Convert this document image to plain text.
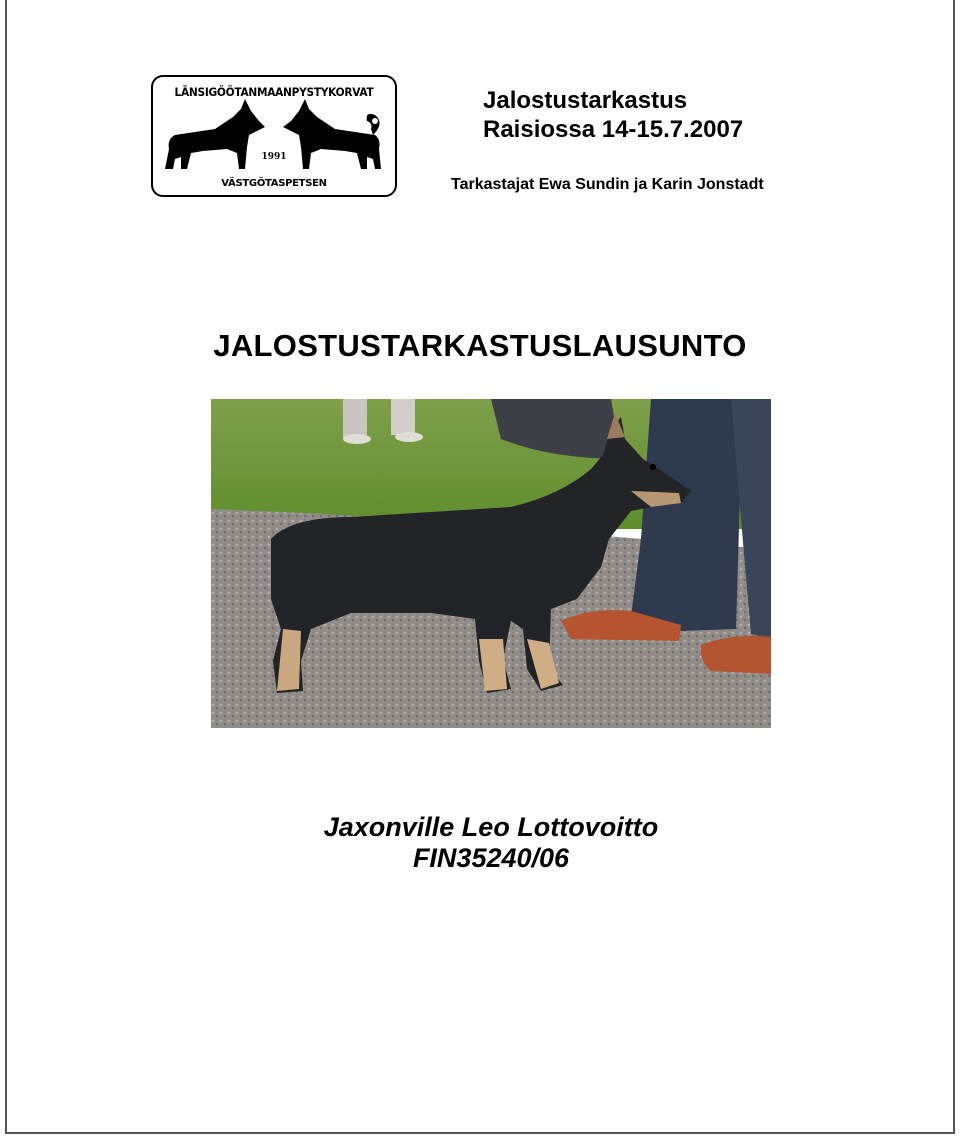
LÄNSIGÖÖTANMAANPYSTYKORVAT
1991
VÄSTGÖTASPETSEN
Jalostustarkastus
Raisiossa 14-15.7.2007
Tarkastajat Ewa Sundin ja Karin Jonstadt
JALOSTUSTARKASTUSLAUSUNTO
Jaxonville Leo Lottovoitto
FIN35240/06
